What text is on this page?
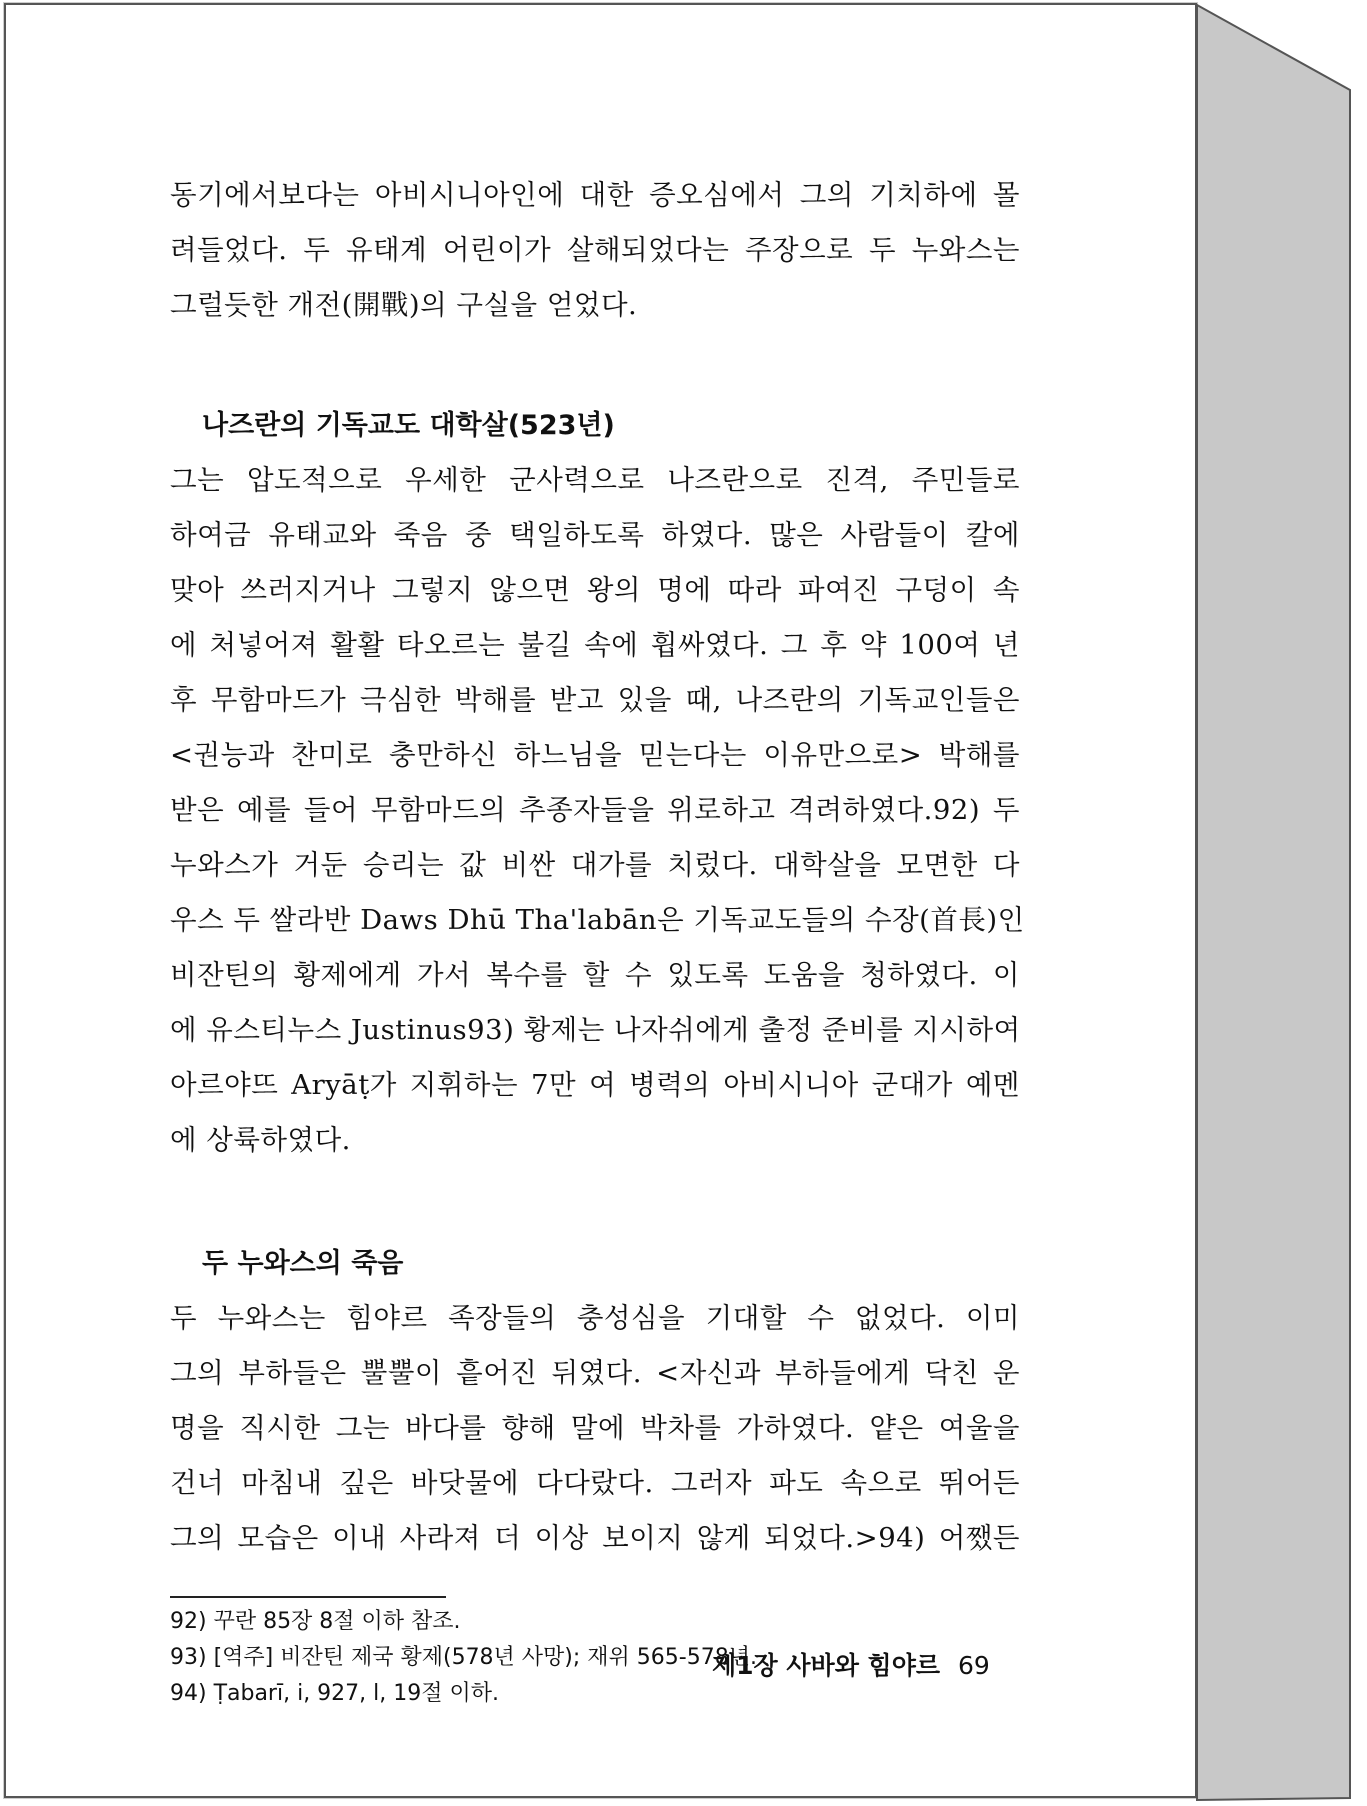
동기에서보다는 아비시니아인에 대한 증오심에서 그의 기치하에 몰
려들었다. 두 유태계 어린이가 살해되었다는 주장으로 두 누와스는
그럴듯한 개전(開戰)의 구실을 얻었다.

나즈란의 기독교도 대학살(523년)

그는 압도적으로 우세한 군사력으로 나즈란으로 진격, 주민들로
하여금 유태교와 죽음 중 택일하도록 하였다. 많은 사람들이 칼에
맞아 쓰러지거나 그렇지 않으면 왕의 명에 따라 파여진 구덩이 속
에 처넣어져 활활 타오르는 불길 속에 휩싸였다. 그 후 약 100여 년
후 무함마드가 극심한 박해를 받고 있을 때, 나즈란의 기독교인들은
<권능과 찬미로 충만하신 하느님을 믿는다는 이유만으로> 박해를
받은 예를 들어 무함마드의 추종자들을 위로하고 격려하였다.92) 두
누와스가 거둔 승리는 값 비싼 대가를 치렀다. 대학살을 모면한 다
우스 두 쌀라반 Daws Dhū Tha'labān은 기독교도들의 수장(首長)인
비잔틴의 황제에게 가서 복수를 할 수 있도록 도움을 청하였다. 이
에 유스티누스 Justinus93) 황제는 나자쉬에게 출정 준비를 지시하여
아르야뜨 Aryāṭ가 지휘하는 7만 여 병력의 아비시니아 군대가 예멘
에 상륙하였다.

두 누와스의 죽음

두 누와스는 힘야르 족장들의 충성심을 기대할 수 없었다. 이미
그의 부하들은 뿔뿔이 흩어진 뒤였다. <자신과 부하들에게 닥친 운
명을 직시한 그는 바다를 향해 말에 박차를 가하였다. 얕은 여울을
건너 마침내 깊은 바닷물에 다다랐다. 그러자 파도 속으로 뛰어든
그의 모습은 이내 사라져 더 이상 보이지 않게 되었다.>94) 어쨌든

92) 꾸란 85장 8절 이하 참조.

93) [역주] 비잔틴 제국 황제(578년 사망); 재위 565-578년.

94) Ṭabarī, i, 927, l, 19절 이하.

제1장 사바와 힘야르 69
